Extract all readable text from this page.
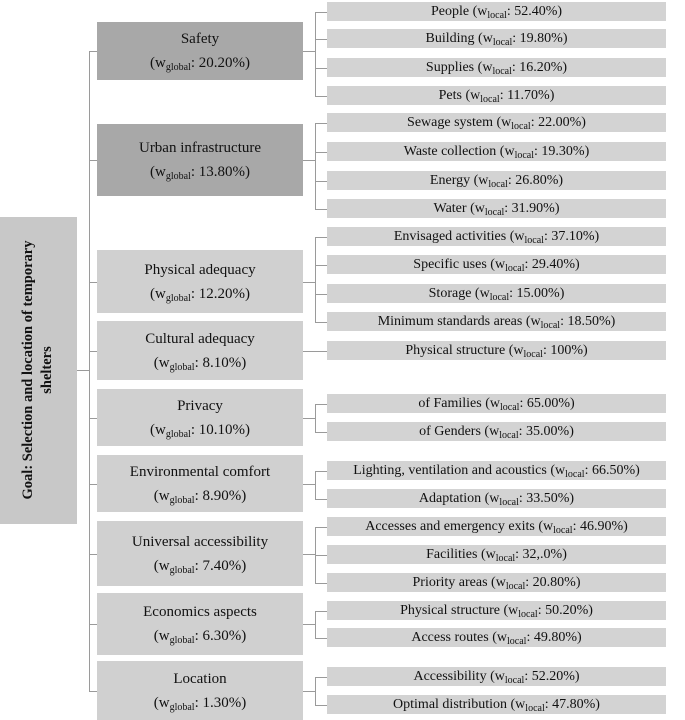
Goal: Selection and location of temporary shelters
Safety
($w_{global}$: 20.20%)
People ($w_{local}$: 52.40%)
Building ($w_{local}$: 19.80%)
Supplies ($w_{local}$: 16.20%)
Pets ($w_{local}$: 11.70%)
Urban infrastructure
($w_{global}$: 13.80%)
Sewage system ($w_{local}$: 22.00%)
Waste collection ($w_{local}$: 19.30%)
Energy ($w_{local}$: 26.80%)
Water ($w_{local}$: 31.90%)
Physical adequacy
($w_{global}$: 12.20%)
Envisaged activities ($w_{local}$: 37.10%)
Specific uses ($w_{local}$: 29.40%)
Storage ($w_{local}$: 15.00%)
Minimum standards areas ($w_{local}$: 18.50%)
Cultural adequacy
($w_{global}$: 8.10%)
Physical structure ($w_{local}$: 100%)
Privacy
($w_{global}$: 10.10%)
of Families ($w_{local}$: 65.00%)
of Genders ($w_{local}$: 35.00%)
Environmental comfort
($w_{global}$: 8.90%)
Lighting, ventilation and acoustics ($w_{local}$: 66.50%)
Adaptation ($w_{local}$: 33.50%)
Universal accessibility
($w_{global}$: 7.40%)
Accesses and emergency exits ($w_{local}$: 46.90%)
Facilities ($w_{local}$: 32,.0%)
Priority areas ($w_{local}$: 20.80%)
Economics aspects
($w_{global}$: 6.30%)
Physical structure ($w_{local}$: 50.20%)
Access routes ($w_{local}$: 49.80%)
Location
($w_{global}$: 1.30%)
Accessibility ($w_{local}$: 52.20%)
Optimal distribution ($w_{local}$: 47.80%)
